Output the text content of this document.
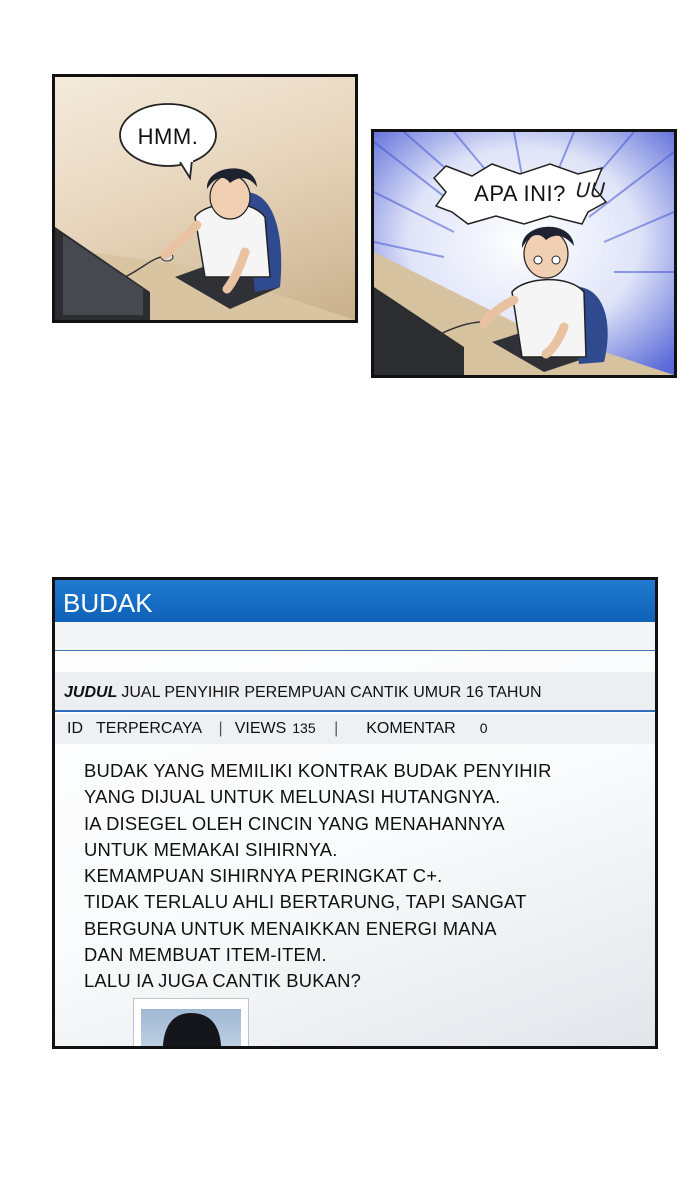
HMM.
APA INI? ᑌᑌ
BUDAK
JUDUL JUAL PENYIHIR PEREMPUAN CANTIK UMUR 16 TAHUN
ID TERPERCAYA | VIEWS 135 | KOMENTAR 0
BUDAK YANG MEMILIKI KONTRAK BUDAK PENYIHIR
YANG DIJUAL UNTUK MELUNASI HUTANGNYA.
IA DISEGEL OLEH CINCIN YANG MENAHANNYA
UNTUK MEMAKAI SIHIRNYA.
KEMAMPUAN SIHIRNYA PERINGKAT C+.
TIDAK TERLALU AHLI BERTARUNG, TAPI SANGAT
BERGUNA UNTUK MENAIKKAN ENERGI MANA
DAN MEMBUAT ITEM-ITEM.
LALU IA JUGA CANTIK BUKAN?
